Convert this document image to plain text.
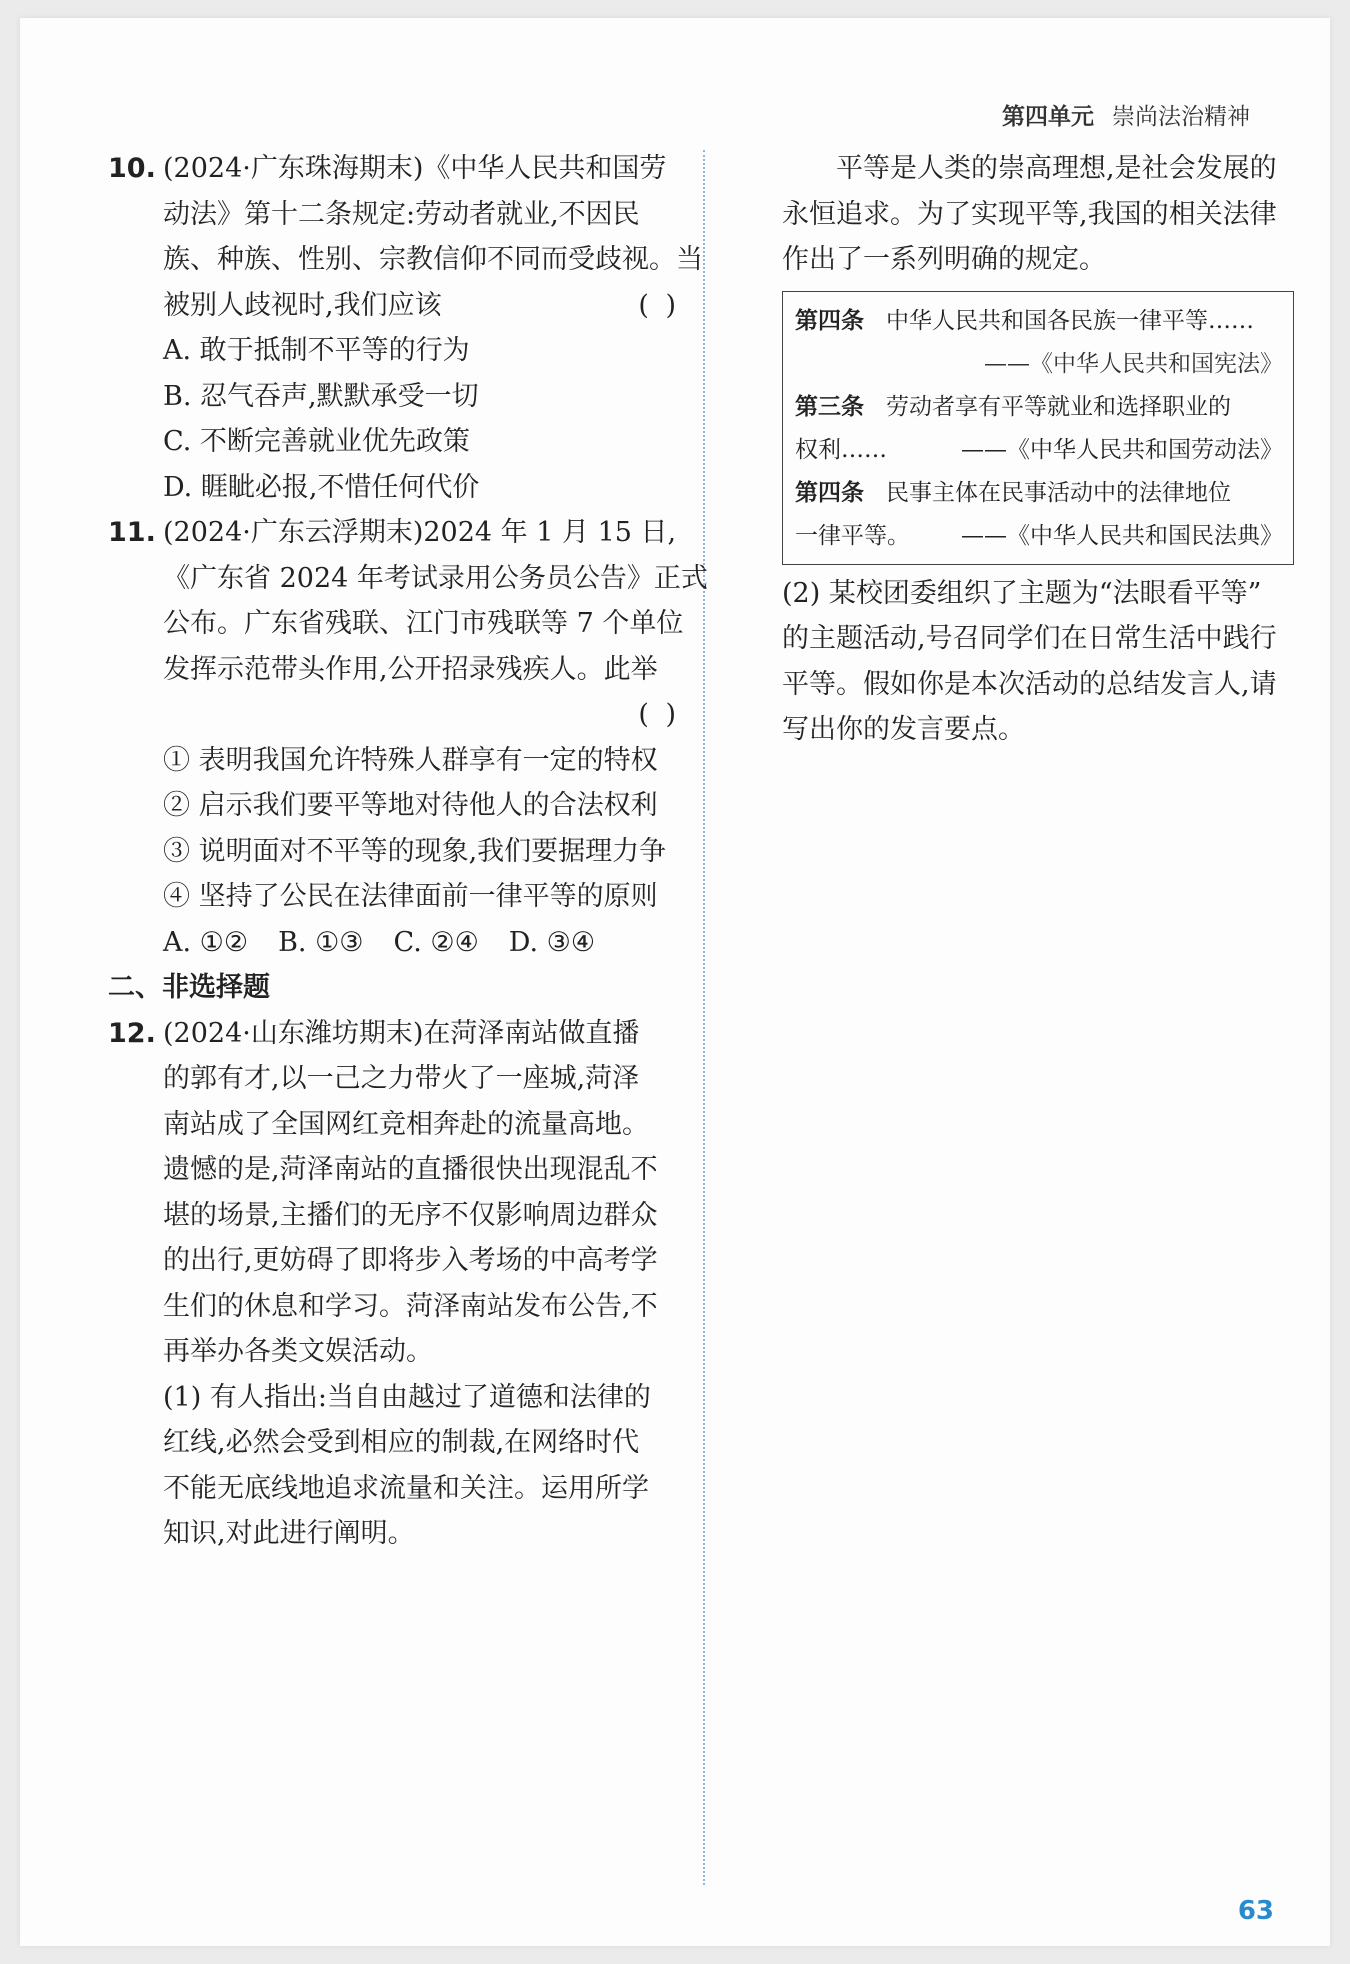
第四单元 崇尚法治精神
10. (2024·广东珠海期末)《中华人民共和国劳
动法》第十二条规定:劳动者就业,不因民
族、种族、性别、宗教信仰不同而受歧视。当
被别人歧视时,我们应该	( )
A. 敢于抵制不平等的行为
B. 忍气吞声,默默承受一切
C. 不断完善就业优先政策
D. 睚眦必报,不惜任何代价
11. (2024·广东云浮期末)2024 年 1 月 15 日,
《广东省 2024 年考试录用公务员公告》正式
公布。广东省残联、江门市残联等 7 个单位
发挥示范带头作用,公开招录残疾人。此举
( )

① 表明我国允许特殊人群享有一定的特权
② 启示我们要平等地对待他人的合法权利
③ 说明面对不平等的现象,我们要据理力争
④ 坚持了公民在法律面前一律平等的原则
A. ①② B. ①③ C. ②④ D. ③④
二、非选择题
12. (2024·山东潍坊期末)在菏泽南站做直播
的郭有才,以一己之力带火了一座城,菏泽
南站成了全国网红竞相奔赴的流量高地。
遗憾的是,菏泽南站的直播很快出现混乱不
堪的场景,主播们的无序不仅影响周边群众
的出行,更妨碍了即将步入考场的中高考学
生们的休息和学习。菏泽南站发布公告,不
再举办各类文娱活动。
(1) 有人指出:当自由越过了道德和法律的
红线,必然会受到相应的制裁,在网络时代
不能无底线地追求流量和关注。运用所学
知识,对此进行阐明。
平等是人类的崇高理想,是社会发展的
永恒追求。为了实现平等,我国的相关法律
作出了一系列明确的规定。
第四条 中华人民共和国各民族一律平等……
——《中华人民共和国宪法》
第三条 劳动者享有平等就业和选择职业的
权利……	——《中华人民共和国劳动法》
第四条 民事主体在民事活动中的法律地位
一律平等。 ——《中华人民共和国民法典》
(2) 某校团委组织了主题为“法眼看平等”
的主题活动,号召同学们在日常生活中践行
平等。假如你是本次活动的总结发言人,请
写出你的发言要点。
63
